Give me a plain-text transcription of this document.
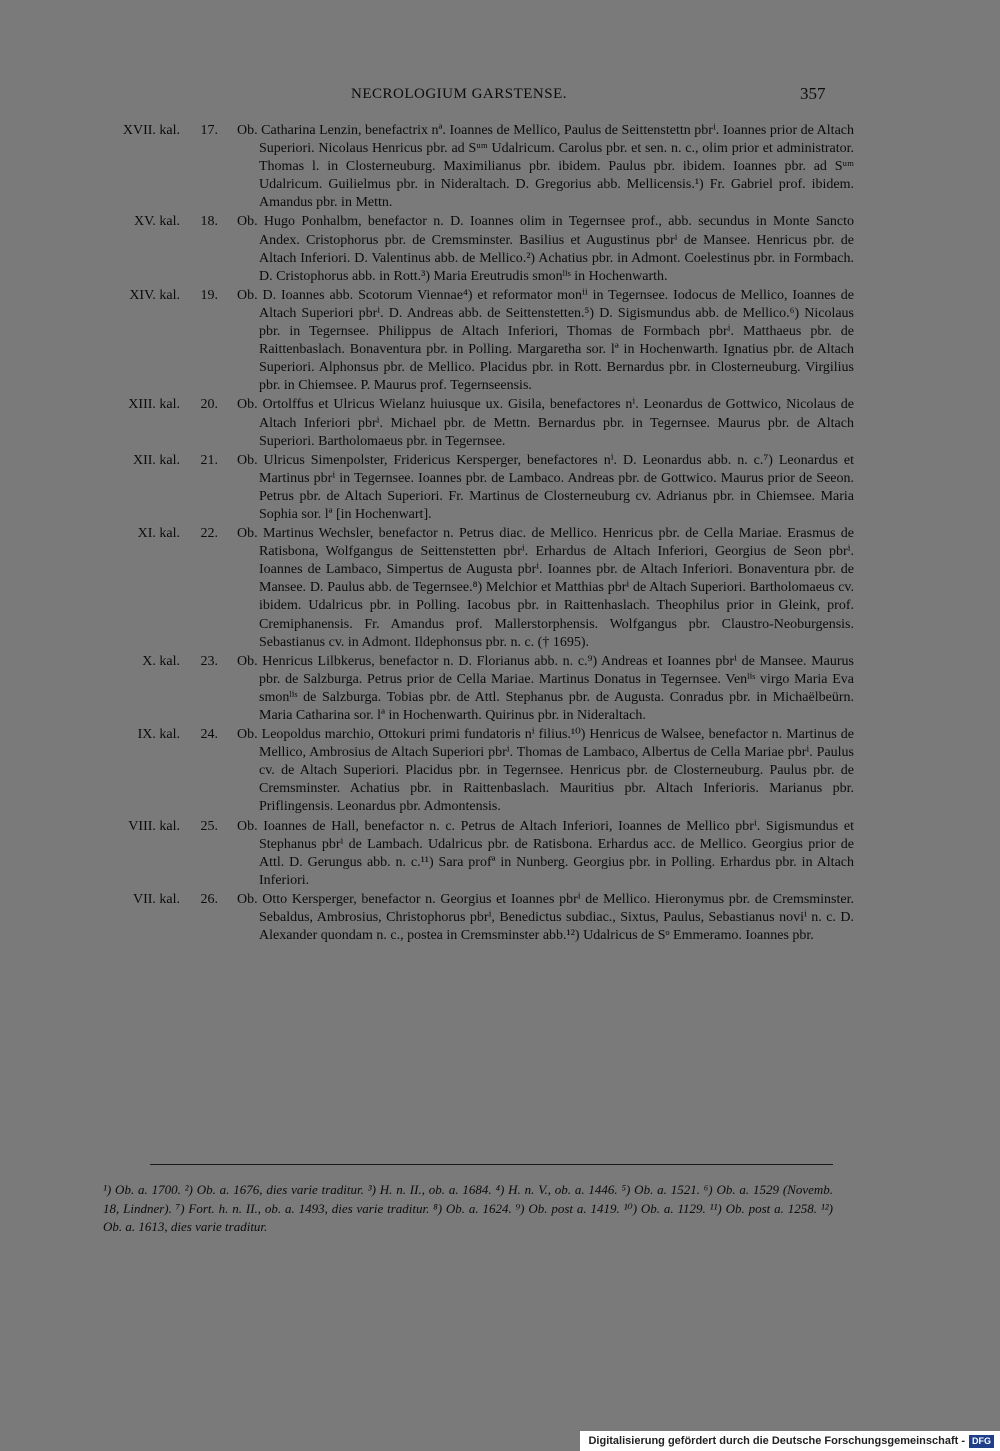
NECROLOGIUM GARSTENSE.	357
XVII. kal. 17. Ob. Catharina Lenzin, benefactrix nª. Ioannes de Mellico, Paulus de Seittenstettn pbrⁱ. Ioannes prior de Altach Superiori. Nicolaus Henricus pbr. ad Sᵘᵐ Udalricum. Carolus pbr. et sen. n. c., olim prior et administrator. Thomas l. in Closterneuburg. Maximilianus pbr. ibidem. Paulus pbr. ibidem. Ioannes pbr. ad Sᵘᵐ Udalricum. Guilielmus pbr. in Nideraltach. D. Gregorius abb. Mellicensis.¹) Fr. Gabriel prof. ibidem. Amandus pbr. in Mettn.
XV. kal. 18. Ob. Hugo Ponhalbm, benefactor n. D. Ioannes olim in Tegernsee prof., abb. secundus in Monte Sancto Andex. Cristophorus pbr. de Cremsminster. Basilius et Augustinus pbrⁱ de Mansee. Henricus pbr. de Altach Inferiori. D. Valentinus abb. de Mellico.²) Achatius pbr. in Admont. Coelestinus pbr. in Formbach. D. Cristophorus abb. in Rott.³) Maria Ereutrudis smonˡⁱˢ in Hochenwarth.
XIV. kal. 19. Ob. D. Ioannes abb. Scotorum Viennae⁴) et reformator monⁱⁱ in Tegernsee. Iodocus de Mellico, Ioannes de Altach Superiori pbrⁱ. D. Andreas abb. de Seittenstetten.⁵) D. Sigismundus abb. de Mellico.⁶) Nicolaus pbr. in Tegernsee. Philippus de Altach Inferiori, Thomas de Formbach pbrⁱ. Matthaeus pbr. de Raittenbaslach. Bonaventura pbr. in Polling. Margaretha sor. lª in Hochenwarth. Ignatius pbr. de Altach Superiori. Alphonsus pbr. de Mellico. Placidus pbr. in Rott. Bernardus pbr. in Closterneuburg. Virgilius pbr. in Chiemsee. P. Maurus prof. Tegernseensis.
XIII. kal. 20. Ob. Ortolffus et Ulricus Wielanz huiusque ux. Gisila, benefactores nⁱ. Leonardus de Gottwico, Nicolaus de Altach Inferiori pbrⁱ. Michael pbr. de Mettn. Bernardus pbr. in Tegernsee. Maurus pbr. de Altach Superiori. Bartholomaeus pbr. in Tegernsee.
XII. kal. 21. Ob. Ulricus Simenpolster, Fridericus Kersperger, benefactores nⁱ. D. Leonardus abb. n. c.⁷) Leonardus et Martinus pbrⁱ in Tegernsee. Ioannes pbr. de Lambaco. Andreas pbr. de Gottwico. Maurus prior de Seeon. Petrus pbr. de Altach Superiori. Fr. Martinus de Closterneuburg cv. Adrianus pbr. in Chiemsee. Maria Sophia sor. lª [in Hochenwart].
XI. kal. 22. Ob. Martinus Wechsler, benefactor n. Petrus diac. de Mellico. Henricus pbr. de Cella Mariae. Erasmus de Ratisbona, Wolfgangus de Seittenstetten pbrⁱ. Erhardus de Altach Inferiori, Georgius de Seon pbrⁱ. Ioannes de Lambaco, Simpertus de Augusta pbrⁱ. Ioannes pbr. de Altach Inferiori. Bonaventura pbr. de Mansee. D. Paulus abb. de Tegernsee.⁸) Melchior et Matthias pbrⁱ de Altach Superiori. Bartholomaeus cv. ibidem. Udalricus pbr. in Polling. Iacobus pbr. in Raittenhaslach. Theophilus prior in Gleink, prof. Cremiphanensis. Fr. Amandus prof. Mallerstorphensis. Wolfgangus pbr. Claustro-Neoburgensis. Sebastianus cv. in Admont. Ildephonsus pbr. n. c. († 1695).
X. kal. 23. Ob. Henricus Lilbkerus, benefactor n. D. Florianus abb. n. c.⁹) Andreas et Ioannes pbrⁱ de Mansee. Maurus pbr. de Salzburga. Petrus prior de Cella Mariae. Martinus Donatus in Tegernsee. Venˡⁱˢ virgo Maria Eva smonˡⁱˢ de Salzburga. Tobias pbr. de Attl. Stephanus pbr. de Augusta. Conradus pbr. in Michaëlbeürn. Maria Catharina sor. lª in Hochenwarth. Quirinus pbr. in Nideraltach.
IX. kal. 24. Ob. Leopoldus marchio, Ottokuri primi fundatoris nⁱ filius.¹⁰) Henricus de Walsee, benefactor n. Martinus de Mellico, Ambrosius de Altach Superiori pbrⁱ. Thomas de Lambaco, Albertus de Cella Mariae pbrⁱ. Paulus cv. de Altach Superiori. Placidus pbr. in Tegernsee. Henricus pbr. de Closterneuburg. Paulus pbr. de Cremsminster. Achatius pbr. in Raittenbaslach. Mauritius pbr. Altach Inferioris. Marianus pbr. Priflingensis. Leonardus pbr. Admontensis.
VIII. kal. 25. Ob. Ioannes de Hall, benefactor n. c. Petrus de Altach Inferiori, Ioannes de Mellico pbrⁱ. Sigismundus et Stephanus pbrⁱ de Lambach. Udalricus pbr. de Ratisbona. Erhardus acc. de Mellico. Georgius prior de Attl. D. Gerungus abb. n. c.¹¹) Sara profª in Nunberg. Georgius pbr. in Polling. Erhardus pbr. in Altach Inferiori.
VII. kal. 26. Ob. Otto Kersperger, benefactor n. Georgius et Ioannes pbrⁱ de Mellico. Hieronymus pbr. de Cremsminster. Sebaldus, Ambrosius, Christophorus pbrⁱ, Benedictus subdiac., Sixtus, Paulus, Sebastianus noviⁱ n. c. D. Alexander quondam n. c., postea in Cremsminster abb.¹²) Udalricus de Sᵒ Emmeramo. Ioannes pbr.
¹) Ob. a. 1700. ²) Ob. a. 1676, dies varie traditur. ³) H. n. II., ob. a. 1684. ⁴) H. n. V., ob. a. 1446. ⁵) Ob. a. 1521. ⁶) Ob. a. 1529 (Novemb. 18, Lindner). ⁷) Fort. h. n. II., ob. a. 1493, dies varie traditur. ⁸) Ob. a. 1624. ⁹) Ob. post a. 1419. ¹⁰) Ob. a. 1129. ¹¹) Ob. post a. 1258. ¹²) Ob. a. 1613, dies varie traditur.
Digitalisierung gefördert durch die Deutsche Forschungsgemeinschaft - DFG
